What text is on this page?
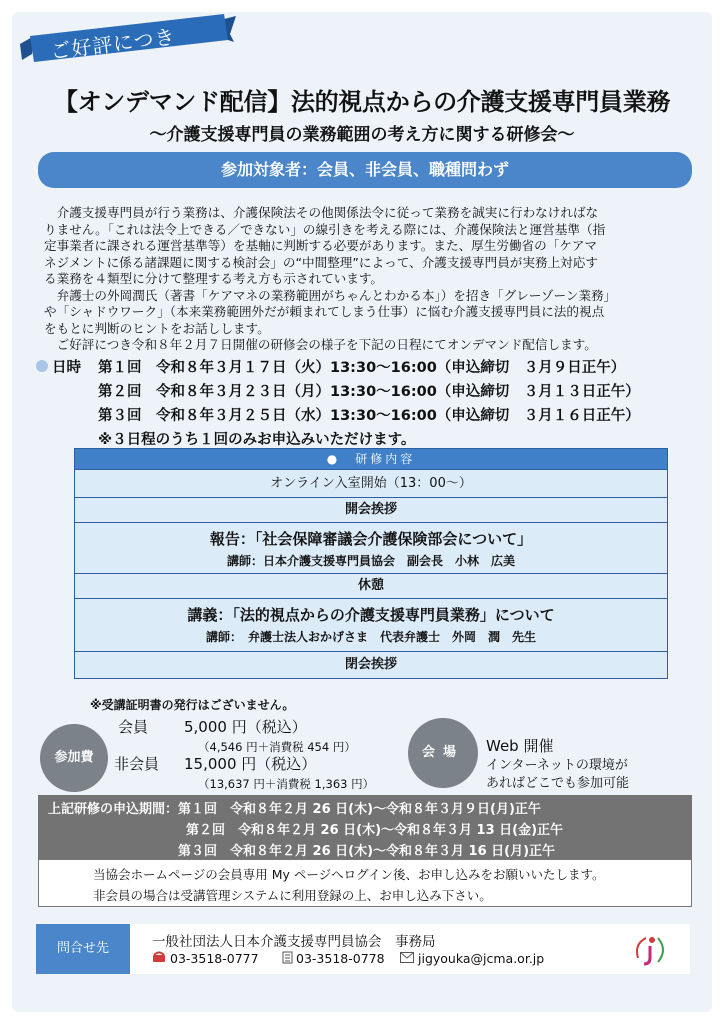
ご好評につき
【オンデマンド配信】法的視点からの介護支援専門員業務
～介護支援専門員の業務範囲の考え方に関する研修会～
参加対象者：会員、非会員、職種問わず

介護支援専門員が行う業務は、介護保険法その他関係法令に従って業務を誠実に行わなければな
りません。「これは法令上できる／できない」の線引きを考える際には、介護保険法と運営基準（指
定事業者に課される運営基準等）を基軸に判断する必要があります。また、厚生労働省の「ケアマ
ネジメントに係る諸課題に関する検討会」の“中間整理”によって、介護支援専門員が実務上対応す
る業務を４類型に分けて整理する考え方も示されています。

弁護士の外岡潤氏（著書「ケアマネの業務範囲がちゃんとわかる本」）を招き「グレーゾーン業務」
や「シャドウワーク」（本来業務範囲外だが頼まれてしまう仕事）に悩む介護支援専門員に法的視点
をもとに判断のヒントをお話しします。

ご好評につき令和８年２月７日開催の研修会の様子を下記の日程にてオンデマンド配信します。

日時 第１回　令和８年３月１７日（火）13:30～16:00（申込締切　３月９日正午）
第２回　令和８年３月２３日（月）13:30～16:00（申込締切　３月１３日正午）
第３回　令和８年３月２５日（水）13:30～16:00（申込締切　３月１６日正午）
※３日程のうち１回のみお申込みいただけます。
●　研修内容
オンライン入室開始（13：00～）
開会挨拶
報告：「社会保障審議会介護保険部会について」
講師：日本介護支援専門員協会　副会長　小林　広美
休憩
講義：「法的視点からの介護支援専門員業務」について
講師：　弁護士法人おかげさま　代表弁護士　外岡　潤　先生
閉会挨拶
※受講証明書の発行はございません。
参加費
会員 5,000 円（税込）
（4,546 円＋消費税 454 円）
非会員 15,000 円（税込）
（13,637 円＋消費税 1,363 円）
会場	Web 開催
インターネットの環境が
あればどこでも参加可能
上記研修の申込期間： 第１回　令和８年２月 26 日(木)～令和８年３月９日(月)正午
第２回　令和８年２月 26 日(木)～令和８年３月 13 日(金)正午
第３回　令和８年２月 26 日(木)～令和８年３月 16 日(月)正午
当協会ホームページの会員専用 My ページへログイン後、お申し込みをお願いいたします。
非会員の場合は受講管理システムに利用登録の上、お申し込み下さい。
問合せ先	一般社団法人日本介護支援専門員協会　事務局
03-3518-0777	03-3518-0778	jigyouka@jcma.or.jp
